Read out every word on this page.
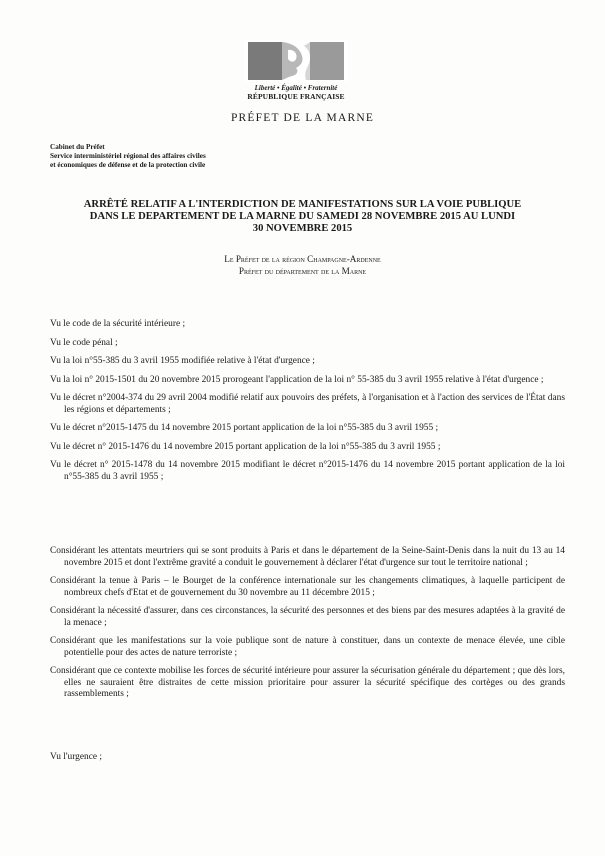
Liberté • Égalité • Fraternité
RÉPUBLIQUE FRANÇAISE
PRÉFET DE LA MARNE
Cabinet du Préfet
Service interministériel régional des affaires civiles
et économiques de défense et de la protection civile
ARRÊTÉ RELATIF A L'INTERDICTION DE MANIFESTATIONS SUR LA VOIE PUBLIQUE
DANS LE DEPARTEMENT DE LA MARNE DU SAMEDI 28 NOVEMBRE 2015 AU LUNDI
30 NOVEMBRE 2015
Le Préfet de la région Champagne-Ardenne
Préfet du département de la Marne

Vu le code de la sécurité intérieure ;

Vu le code pénal ;

Vu la loi n°55-385 du 3 avril 1955 modifiée relative à l'état d'urgence ;

Vu la loi n° 2015-1501 du 20 novembre 2015 prorogeant l'application de la loi n° 55-385 du 3 avril 1955 relative à l'état d'urgence ;

Vu le décret n°2004-374 du 29 avril 2004 modifié relatif aux pouvoirs des préfets, à l'organisation et à l'action des services de l'État dans les régions et départements ;

Vu le décret n°2015-1475 du 14 novembre 2015 portant application de la loi n°55-385 du 3 avril 1955 ;

Vu le décret n° 2015-1476 du 14 novembre 2015 portant application de la loi n°55-385 du 3 avril 1955 ;

Vu le décret n° 2015-1478 du 14 novembre 2015 modifiant le décret n°2015-1476 du 14 novembre 2015 portant application de la loi n°55-385 du 3 avril 1955 ;

Considérant les attentats meurtriers qui se sont produits à Paris et dans le département de la Seine-Saint-Denis dans la nuit du 13 au 14 novembre 2015 et dont l'extrême gravité a conduit le gouvernement à déclarer l'état d'urgence sur tout le territoire national ;

Considérant la tenue à Paris – le Bourget de la conférence internationale sur les changements climatiques, à laquelle participent de nombreux chefs d'Etat et de gouvernement du 30 novembre au 11 décembre 2015 ;

Considérant la nécessité d'assurer, dans ces circonstances, la sécurité des personnes et des biens par des mesures adaptées à la gravité de la menace ;

Considérant que les manifestations sur la voie publique sont de nature à constituer, dans un contexte de menace élevée, une cible potentielle pour des actes de nature terroriste ;

Considérant que ce contexte mobilise les forces de sécurité intérieure pour assurer la sécurisation générale du département ; que dès lors, elles ne sauraient être distraites de cette mission prioritaire pour assurer la sécurité spécifique des cortèges ou des grands rassemblements ;

Vu l'urgence ;
